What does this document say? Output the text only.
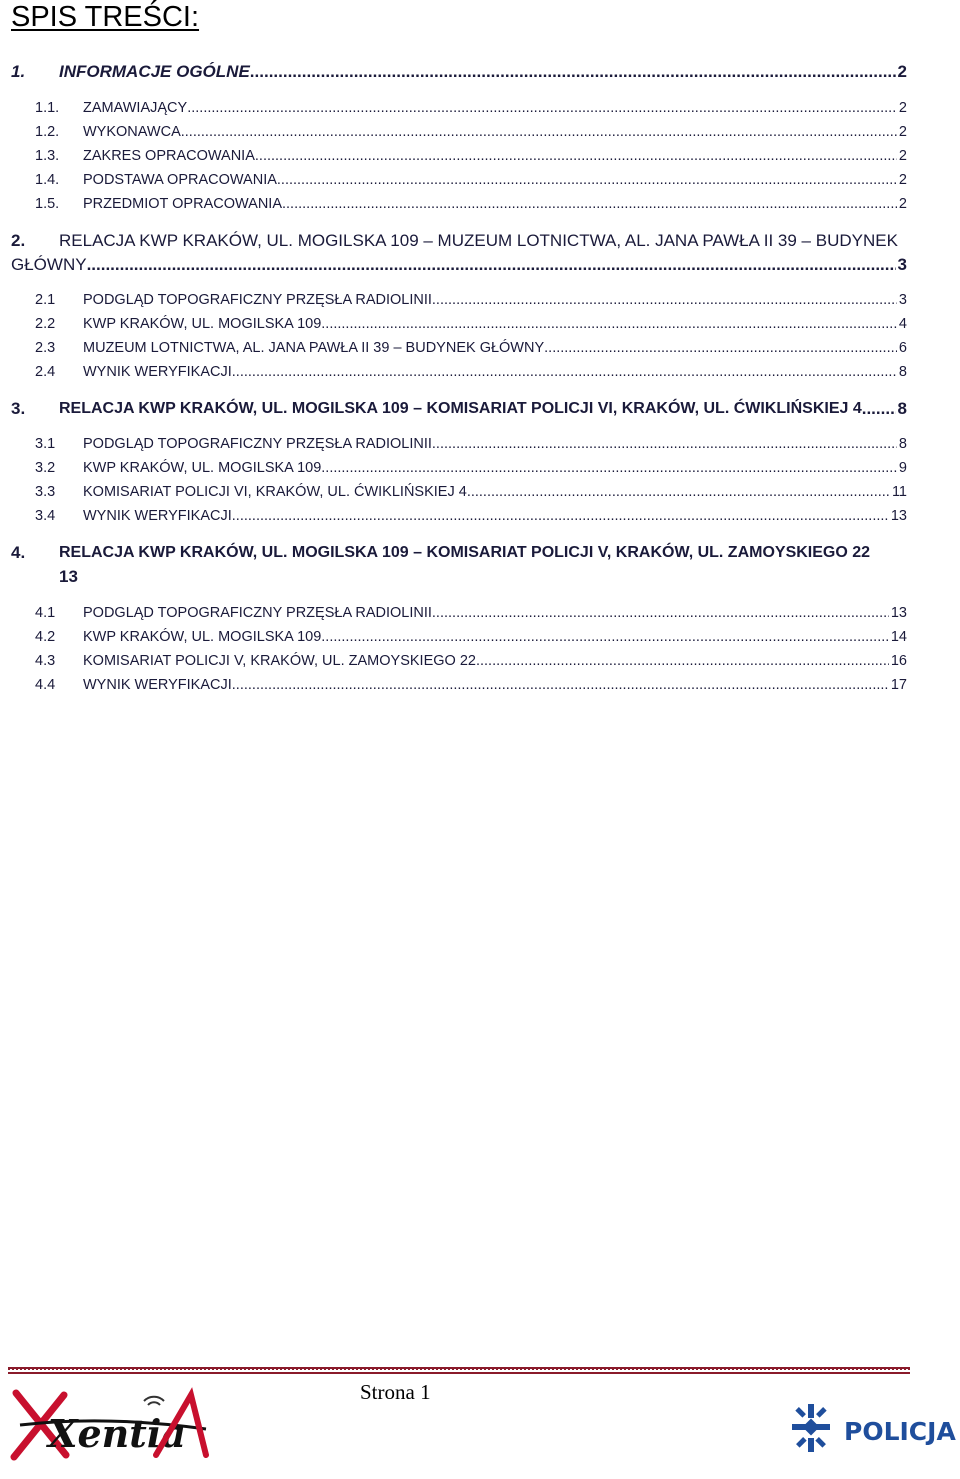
SPIS TREŚCI:
1.	INFORMACJE OGÓLNE .....	2
1.1.	ZAMAWIAJĄCY .....	2
1.2.	WYKONAWCA .....	2
1.3.	ZAKRES OPRACOWANIA .....	2
1.4.	PODSTAWA OPRACOWANIA .....	2
1.5.	PRZEDMIOT OPRACOWANIA .....	2
2.	RELACJA KWP KRAKÓW, UL. MOGILSKA 109 – MUZEUM LOTNICTWA, AL. JANA PAWŁA II 39 – BUDYNEK
GŁÓWNY .....	3
2.1 PODGLĄD TOPOGRAFICZNY PRZĘSŁA RADIOLINII .....	3
2.2 KWP KRAKÓW, UL. MOGILSKA 109 .....	4
2.3 MUZEUM LOTNICTWA, AL. JANA PAWŁA II 39 – BUDYNEK GŁÓWNY .....	6
2.4 WYNIK WERYFIKACJI .....	8
3.	RELACJA KWP KRAKÓW, UL. MOGILSKA 109 – KOMISARIAT POLICJI VI, KRAKÓW, UL. ĆWIKLIŃSKIEJ 4 ..... 8
3.1 PODGLĄD TOPOGRAFICZNY PRZĘSŁA RADIOLINII .....	8
3.2 KWP KRAKÓW, UL. MOGILSKA 109 .....	9
3.3 KOMISARIAT POLICJI VI, KRAKÓW, UL. ĆWIKLIŃSKIEJ 4 .....	11
3.4 WYNIK WERYFIKACJI .....	13
4.	RELACJA KWP KRAKÓW, UL. MOGILSKA 109 – KOMISARIAT POLICJI V, KRAKÓW, UL. ZAMOYSKIEGO 22
13
4.1 PODGLĄD TOPOGRAFICZNY PRZĘSŁA RADIOLINII .....	13
4.2 KWP KRAKÓW, UL. MOGILSKA 109 .....	14
4.3 KOMISARIAT POLICJI V, KRAKÓW, UL. ZAMOYSKIEGO 22 .....	16
4.4 WYNIK WERYFIKACJI .....	17
Strona 1
Xentia	POLICJA
